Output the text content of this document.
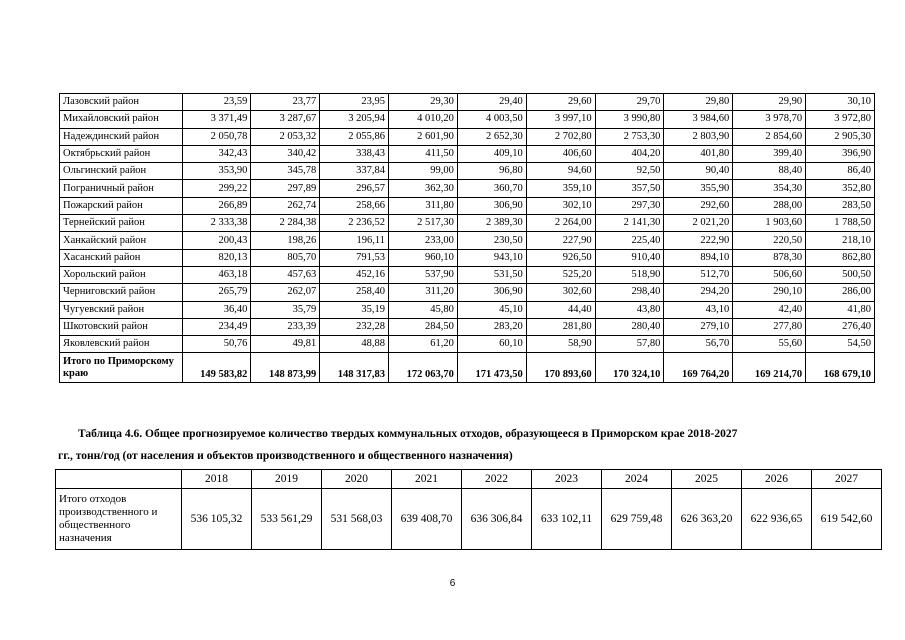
Лазовский район	23,59	23,77	23,95	29,30	29,40	29,60	29,70	29,80	29,90	30,10
Михайловский район	3 371,49	3 287,67	3 205,94	4 010,20	4 003,50	3 997,10	3 990,80	3 984,60	3 978,70	3 972,80
Надеждинский район	2 050,78	2 053,32	2 055,86	2 601,90	2 652,30	2 702,80	2 753,30	2 803,90	2 854,60	2 905,30
Октябрьский район	342,43	340,42	338,43	411,50	409,10	406,60	404,20	401,80	399,40	396,90
Ольгинский район	353,90	345,78	337,84	99,00	96,80	94,60	92,50	90,40	88,40	86,40
Пограничный район	299,22	297,89	296,57	362,30	360,70	359,10	357,50	355,90	354,30	352,80
Пожарский район	266,89	262,74	258,66	311,80	306,90	302,10	297,30	292,60	288,00	283,50
Тернейский район	2 333,38	2 284,38	2 236,52	2 517,30	2 389,30	2 264,00	2 141,30	2 021,20	1 903,60	1 788,50
Ханкайский район	200,43	198,26	196,11	233,00	230,50	227,90	225,40	222,90	220,50	218,10
Хасанский район	820,13	805,70	791,53	960,10	943,10	926,50	910,40	894,10	878,30	862,80
Хорольский район	463,18	457,63	452,16	537,90	531,50	525,20	518,90	512,70	506,60	500,50
Черниговский район	265,79	262,07	258,40	311,20	306,90	302,60	298,40	294,20	290,10	286,00
Чугуевский район	36,40	35,79	35,19	45,80	45,10	44,40	43,80	43,10	42,40	41,80
Шкотовский район	234,49	233,39	232,28	284,50	283,20	281,80	280,40	279,10	277,80	276,40
Яковлевский район	50,76	49,81	48,88	61,20	60,10	58,90	57,80	56,70	55,60	54,50
Итого по Приморскому краю	149 583,82	148 873,99	148 317,83	172 063,70	171 473,50	170 893,60	170 324,10	169 764,20	169 214,70	168 679,10
Таблица 4.6. Общее прогнозируемое количество твердых коммунальных отходов, образующееся в Приморском крае 2018-2027
гг., тонн/год (от населения и объектов производственного и общественного назначения)
	2018	2019	2020	2021	2022	2023	2024	2025	2026	2027
Итого отходов производственного и общественного назначения	536 105,32	533 561,29	531 568,03	639 408,70	636 306,84	633 102,11	629 759,48	626 363,20	622 936,65	619 542,60
6
